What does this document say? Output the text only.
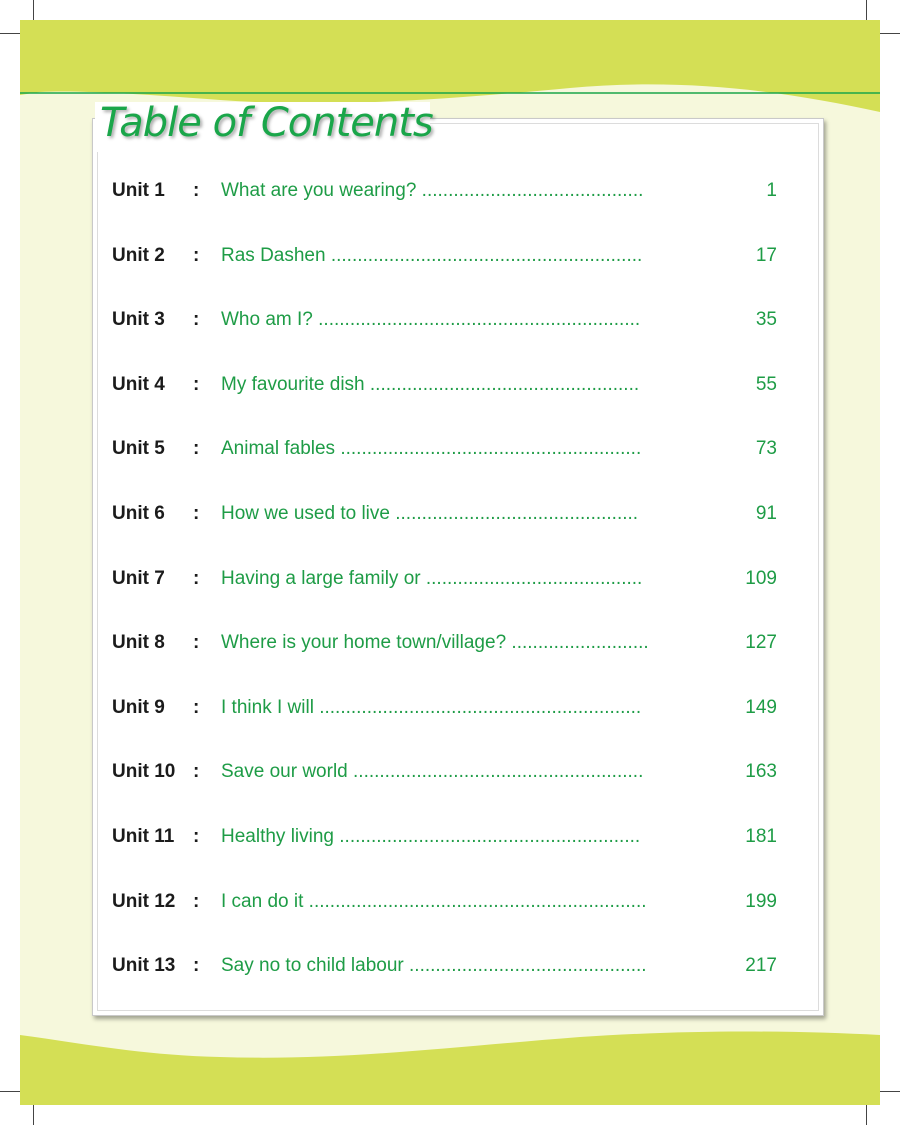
Table of Contents
Unit 1 : What are you wearing? ..........................................	1
Unit 2 : Ras Dashen ...........................................................	17
Unit 3 : Who am I? .............................................................	35
Unit 4 : My favourite dish ...................................................	55
Unit 5 : Animal fables .........................................................	73
Unit 6 : How we used to live ..............................................	91
Unit 7 : Having a large family or .........................................	109
Unit 8 : Where is your home town/village? ..........................	127
Unit 9 : I think I will .............................................................	149
Unit 10 : Save our world .......................................................	163
Unit 11 : Healthy living .........................................................	181
Unit 12 : I can do it ................................................................	199
Unit 13 : Say no to child labour .............................................	217
